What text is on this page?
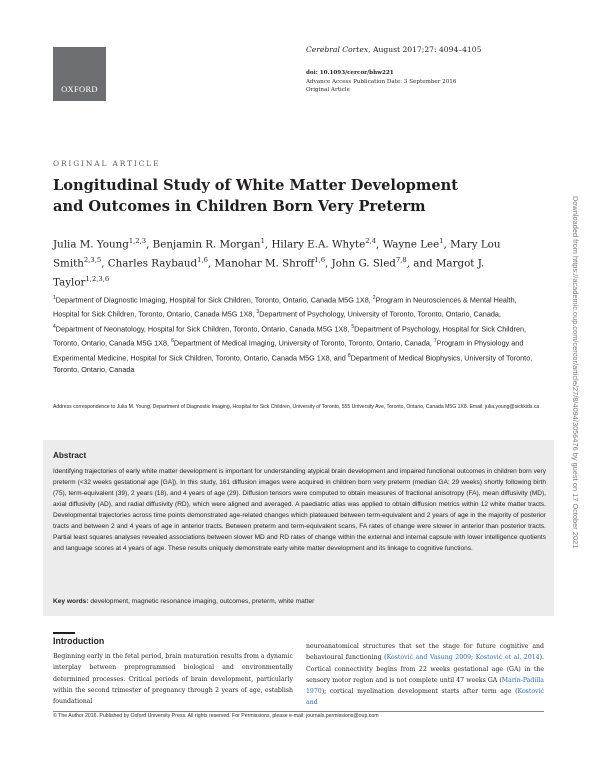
OXFORD
Cerebral Cortex, August 2017;27: 4094–4105
doi: 10.1093/cercor/bhw221
Advance Access Publication Date: 3 September 2016
Original Article
ORIGINAL ARTICLE
Longitudinal Study of White Matter Development
and Outcomes in Children Born Very Preterm
Julia M. Young$^{1,2,3}$, Benjamin R. Morgan$^1$, Hilary E.A. Whyte$^{2,4}$, Wayne Lee$^1$, Mary Lou Smith$^{2,3,5}$, Charles Raybaud$^{1,6}$, Manohar M. Shroff$^{1,6}$, John G. Sled$^{7,8}$, and Margot J. Taylor$^{1,2,3,6}$
$^1$Department of Diagnostic Imaging, Hospital for Sick Children, Toronto, Ontario, Canada M5G 1X8, $^2$Program in Neurosciences & Mental Health, Hospital for Sick Children, Toronto, Ontario, Canada M5G 1X8, $^3$Department of Psychology, University of Toronto, Toronto, Ontario, Canada, $^4$Department of Neonatology, Hospital for Sick Children, Toronto, Ontario, Canada M5G 1X8, $^5$Department of Psychology, Hospital for Sick Children, Toronto, Ontario, Canada M5G 1X8, $^6$Department of Medical Imaging, University of Toronto, Toronto, Ontario, Canada, $^7$Program in Physiology and Experimental Medicine, Hospital for Sick Children, Toronto, Ontario, Canada M5G 1X8, and $^8$Department of Medical Biophysics, University of Toronto, Toronto, Ontario, Canada
Address correspondence to Julia M. Young, Department of Diagnostic Imaging, Hospital for Sick Children, University of Toronto, 555 University Ave, Toronto, Ontario, Canada M5G 1X8. Email: julia.young@sickkids.ca
Abstract
Identifying trajectories of early white matter development is important for understanding atypical brain development and impaired functional outcomes in children born very preterm (<32 weeks gestational age [GA]). In this study, 161 diffusion images were acquired in children born very preterm (median GA: 29 weeks) shortly following birth (75), term-equivalent (39), 2 years (18), and 4 years of age (29). Diffusion tensors were computed to obtain measures of fractional anisotropy (FA), mean diffusivity (MD), axial diffusivity (AD), and radial diffusivity (RD), which were aligned and averaged. A paediatric atlas was applied to obtain diffusion metrics within 12 white matter tracts. Developmental trajectories across time points demonstrated age-related changes which plateaued between term-equivalent and 2 years of age in the majority of posterior tracts and between 2 and 4 years of age in anterior tracts. Between preterm and term-equivalent scans, FA rates of change were slower in anterior than posterior tracts. Partial least squares analyses revealed associations between slower MD and RD rates of change within the external and internal capsule with lower intelligence quotients and language scores at 4 years of age. These results uniquely demonstrate early white matter development and its linkage to cognitive functions.
Key words: development, magnetic resonance imaging, outcomes, preterm, white matter
Introduction
Beginning early in the fetal period, brain maturation results from a dynamic interplay between preprogrammed biological and environmentally determined processes. Critical periods of brain development, particularly within the second trimester of pregnancy through 2 years of age, establish foundational
neuroanatomical structures that set the stage for future cognitive and behavioural functioning (Kostović and Vasung 2009; Kostović et al. 2014). Cortical connectivity begins from 22 weeks gestational age (GA) in the sensory motor region and is not complete until 47 weeks GA (Marín-Padilla 1970); cortical myelination development starts after term age (Kostović and
© The Author 2016. Published by Oxford University Press. All rights reserved. For Permissions, please e-mail: journals.permissions@oup.com
Downloaded from https://academic.oup.com/cercor/article/27/8/4094/3056476 by guest on 17 October 2021
